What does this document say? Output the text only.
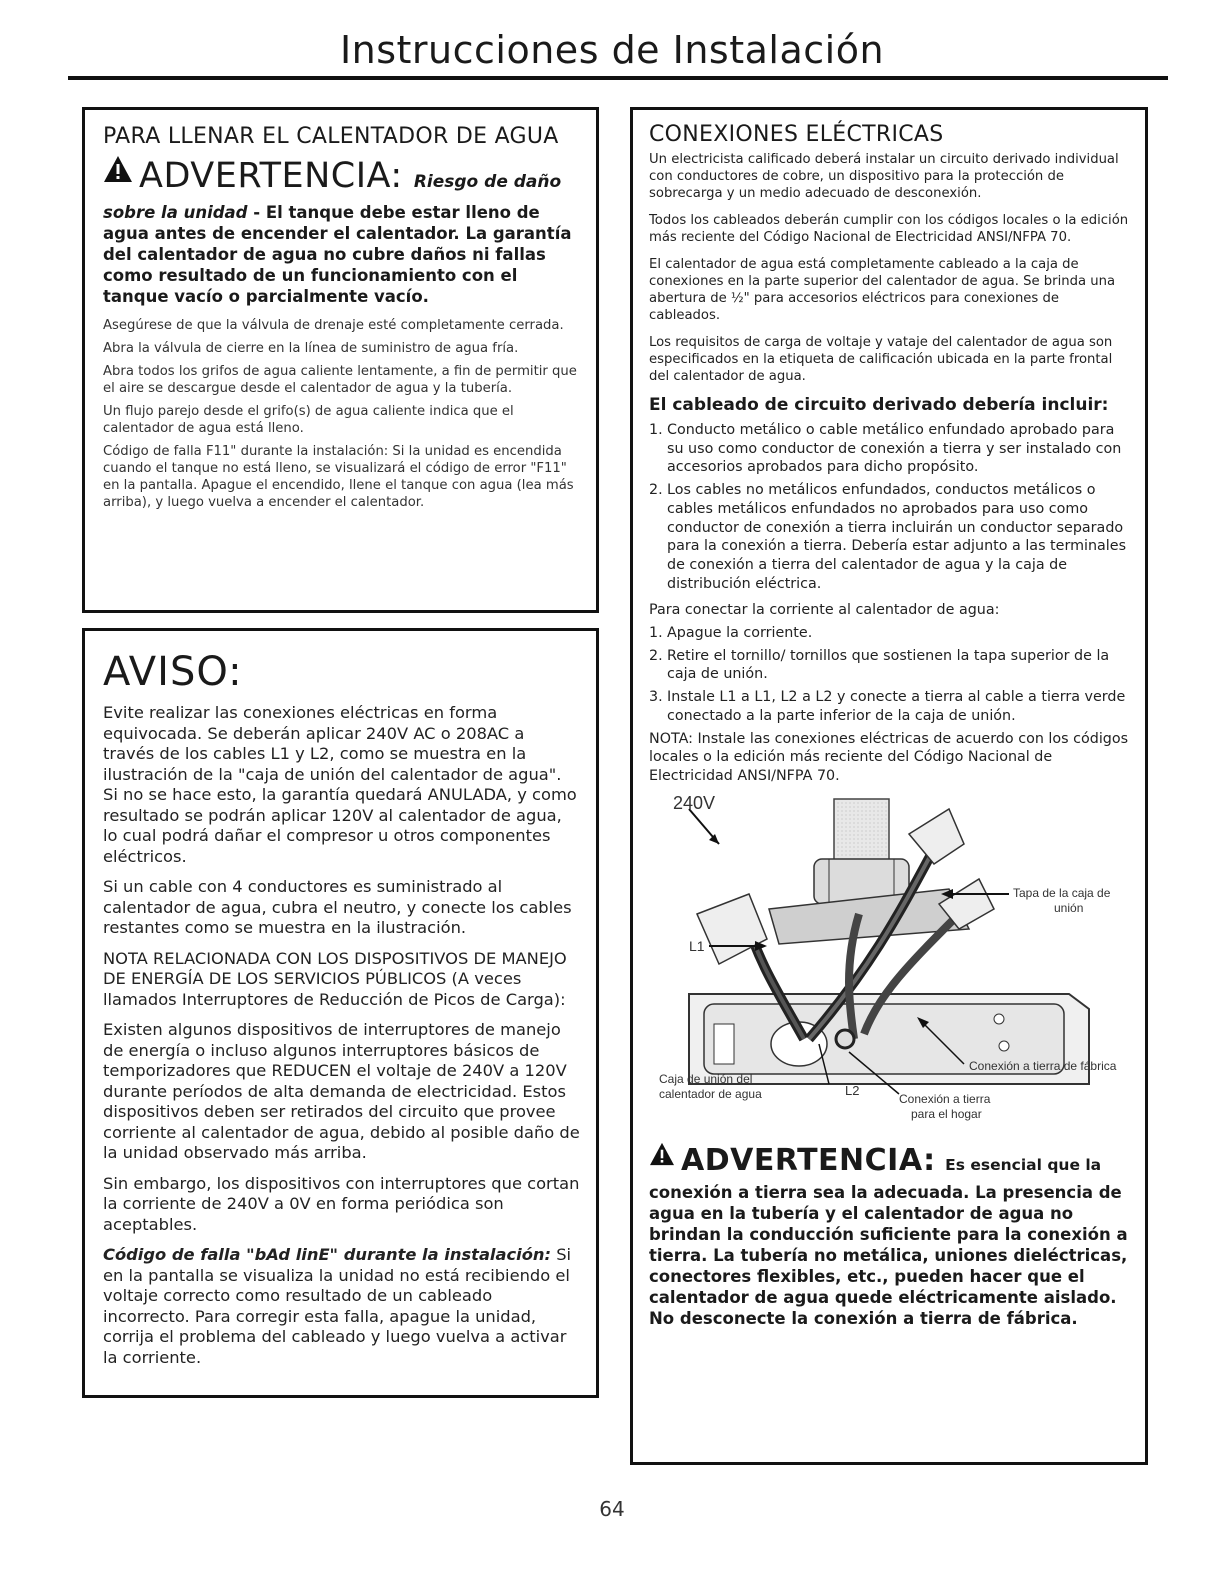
Instrucciones de Instalación
PARA LLENAR EL CALENTADOR DE AGUA
ADVERTENCIA: Riesgo de daño

sobre la unidad - El tanque debe estar lleno de agua antes de encender el calentador. La garantía del calentador de agua no cubre daños ni fallas como resultado de un funcionamiento con el tanque vacío o parcialmente vacío.

Asegúrese de que la válvula de drenaje esté completamente cerrada.

Abra la válvula de cierre en la línea de suministro de agua fría.

Abra todos los grifos de agua caliente lentamente, a fin de permitir que el aire se descargue desde el calentador de agua y la tubería.

Un flujo parejo desde el grifo(s) de agua caliente indica que el calentador de agua está lleno.

Código de falla F11" durante la instalación: Si la unidad es encendida cuando el tanque no está lleno, se visualizará el código de error "F11" en la pantalla. Apague el encendido, llene el tanque con agua (lea más arriba), y luego vuelva a encender el calentador.

AVISO:

Evite realizar las conexiones eléctricas en forma equivocada. Se deberán aplicar 240V AC o 208AC a través de los cables L1 y L2, como se muestra en la ilustración de la "caja de unión del calentador de agua". Si no se hace esto, la garantía quedará ANULADA, y como resultado se podrán aplicar 120V al calentador de agua, lo cual podrá dañar el compresor u otros componentes eléctricos.

Si un cable con 4 conductores es suministrado al calentador de agua, cubra el neutro, y conecte los cables restantes como se muestra en la ilustración.

NOTA RELACIONADA CON LOS DISPOSITIVOS DE MANEJO DE ENERGÍA DE LOS SERVICIOS PÚBLICOS (A veces llamados Interruptores de Reducción de Picos de Carga):

Existen algunos dispositivos de interruptores de manejo de energía o incluso algunos interruptores básicos de temporizadores que REDUCEN el voltaje de 240V a 120V durante períodos de alta demanda de electricidad. Estos dispositivos deben ser retirados del circuito que provee corriente al calentador de agua, debido al posible daño de la unidad observado más arriba.

Sin embargo, los dispositivos con interruptores que cortan la corriente de 240V a 0V en forma periódica son aceptables.

Código de falla "bAd linE" durante la instalación: Si en la pantalla se visualiza la unidad no está recibiendo el voltaje correcto como resultado de un cableado incorrecto. Para corregir esta falla, apague la unidad, corrija el problema del cableado y luego vuelva a activar la corriente.

CONEXIONES ELÉCTRICAS

Un electricista calificado deberá instalar un circuito derivado individual con conductores de cobre, un dispositivo para la protección de sobrecarga y un medio adecuado de desconexión.

Todos los cableados deberán cumplir con los códigos locales o la edición más reciente del Código Nacional de Electricidad ANSI/NFPA 70.

El calentador de agua está completamente cableado a la caja de conexiones en la parte superior del calentador de agua. Se brinda una abertura de ½" para accesorios eléctricos para conexiones de cableados.

Los requisitos de carga de voltaje y vataje del calentador de agua son especificados en la etiqueta de calificación ubicada en la parte frontal del calentador de agua.

El cableado de circuito derivado debería incluir:
1. Conducto metálico o cable metálico enfundado aprobado para su uso como conductor de conexión a tierra y ser instalado con accesorios aprobados para dicho propósito.
2. Los cables no metálicos enfundados, conductos metálicos o cables metálicos enfundados no aprobados para uso como conductor de conexión a tierra incluirán un conductor separado para la conexión a tierra. Debería estar adjunto a las terminales de conexión a tierra del calentador de agua y la caja de distribución eléctrica.
Para conectar la corriente al calentador de agua:
1. Apague la corriente.
2. Retire el tornillo/ tornillos que sostienen la tapa superior de la caja de unión.
3. Instale L1 a L1, L2 a L2 y conecte a tierra al cable a tierra verde conectado a la parte inferior de la caja de unión.
NOTA: Instale las conexiones eléctricas de acuerdo con los códigos locales o la edición más reciente del Código Nacional de Electricidad ANSI/NFPA 70.
240V
L1
L2
Tapa de la caja de
unión
Conexión a tierra de fábrica
Caja de unión del
calentador de agua	Conexión a tierra
para el hogar
ADVERTENCIA: Es esencial que la

conexión a tierra sea la adecuada. La presencia de agua en la tubería y el calentador de agua no brindan la conducción suficiente para la conexión a tierra. La tubería no metálica, uniones dieléctricas, conectores flexibles, etc., pueden hacer que el calentador de agua quede eléctricamente aislado. No desconecte la conexión a tierra de fábrica.

64
